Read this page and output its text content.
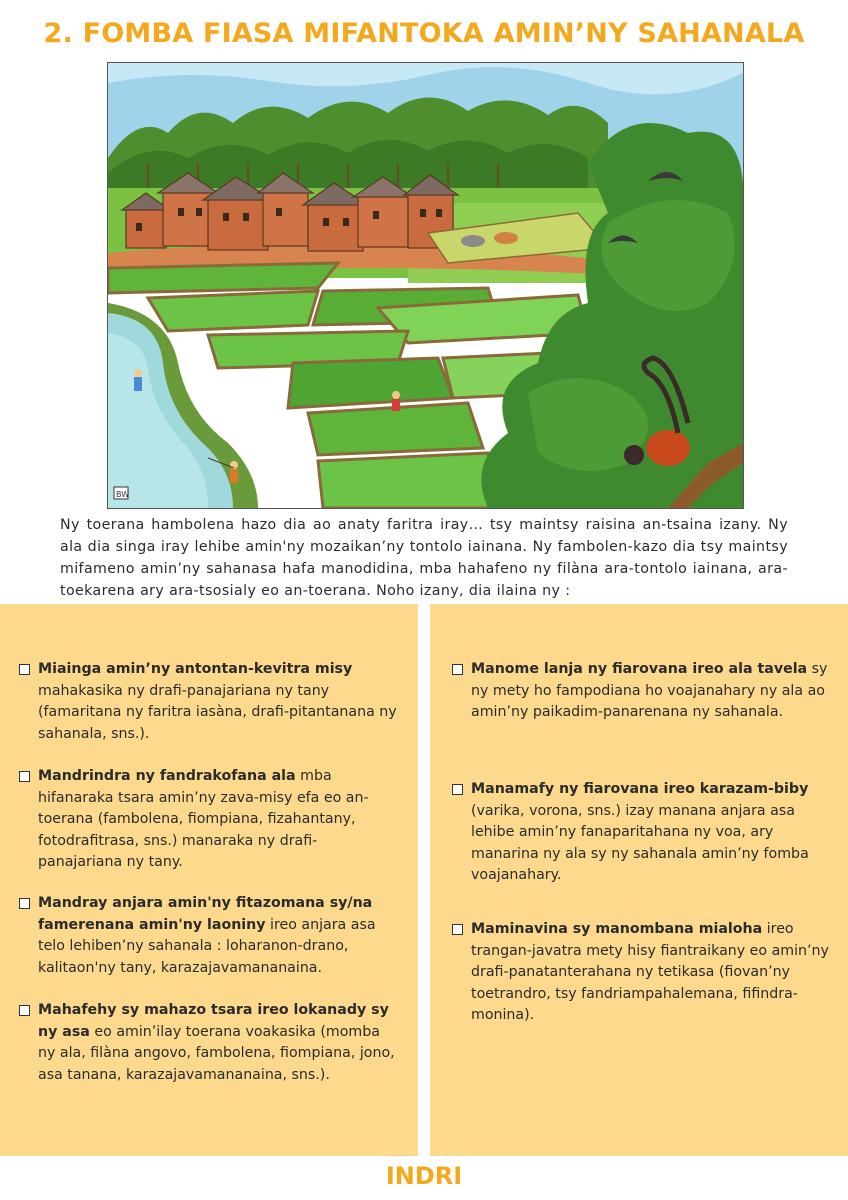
2. FOMBA FIASA MIFANTOKA AMIN’NY SAHANALA
BW
Ny toerana hambolena hazo dia ao anaty faritra iray… tsy maintsy raisina an-tsaina izany. Ny ala dia singa iray lehibe amin'ny mozaikan’ny tontolo iainana. Ny fambolen-kazo dia tsy maintsy mifameno amin’ny sahanasa hafa manodidina, mba hahafeno ny filàna ara-tontolo iainana, ara-toekarena ary ara-tsosialy eo an-toerana. Noho izany, dia ilaina ny :
Miainga amin’ny antontan-kevitra misy mahakasika ny drafi-panajariana ny tany (famaritana ny faritra iasàna, drafi-pitantanana ny sahanala, sns.).
Mandrindra ny fandrakofana ala mba hifanaraka tsara amin’ny zava-misy efa eo an-toerana (fambolena, fiompiana, fizahantany, fotodrafitrasa, sns.) manaraka ny drafi-panajariana ny tany.
Mandray anjara amin'ny fitazomana sy/na famerenana amin'ny laoniny ireo anjara asa telo lehiben’ny sahanala : loharanon-drano, kalitaon'ny tany, karazajavamananaina.
Mahafehy sy mahazo tsara ireo lokanady sy ny asa eo amin’ilay toerana voakasika (momba ny ala, filàna angovo, fambolena, fiompiana, jono, asa tanana, karazajavamananaina, sns.).
Manome lanja ny fiarovana ireo ala tavela sy ny mety ho fampodiana ho voajanahary ny ala ao amin’ny paikadim-panarenana ny sahanala.
Manamafy ny fiarovana ireo karazam-biby (varika, vorona, sns.) izay manana anjara asa lehibe amin’ny fanaparitahana ny voa, ary manarina ny ala sy ny sahanala amin’ny fomba voajanahary.
Maminavina sy manombana mialoha ireo trangan-javatra mety hisy fiantraikany eo amin’ny drafi-panatanterahana ny tetikasa (fiovan’ny toetrandro, tsy fandriampahalemana, fifindra-monina).
INDRI
